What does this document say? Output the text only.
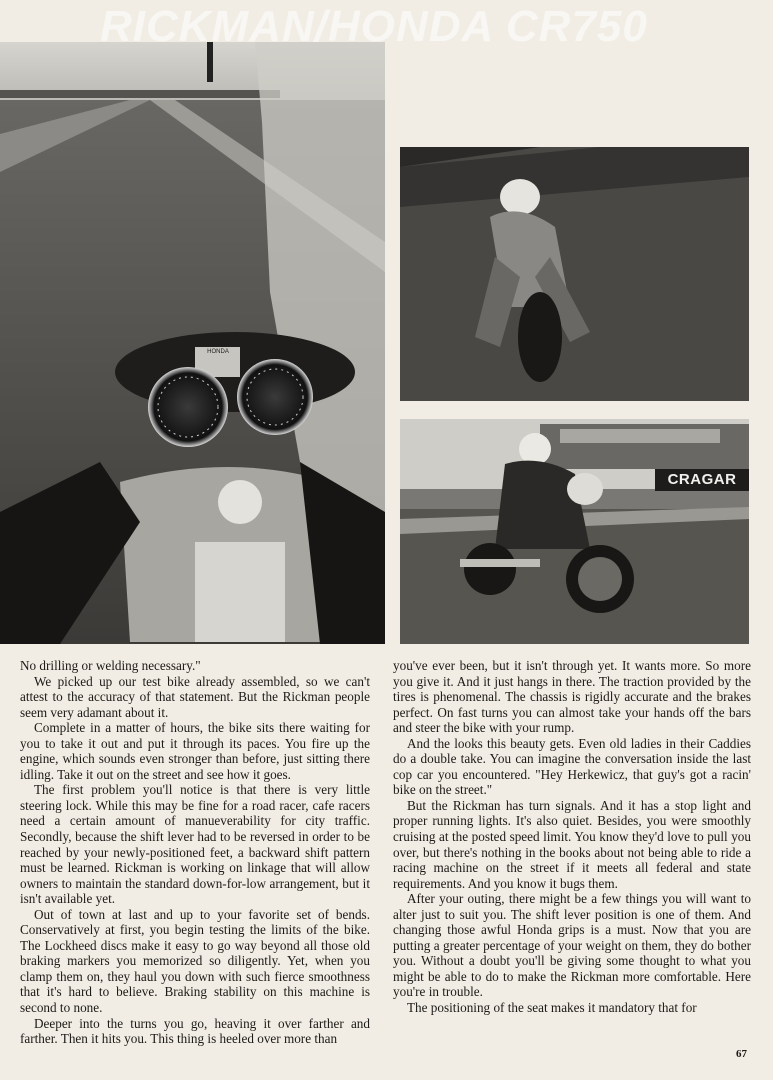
HONDA
RICKMAN/HONDA CR750
CRAGAR

No drilling or welding necessary."

We picked up our test bike already assembled, so we can't attest to the accuracy of that statement. But the Rickman people seem very adamant about it.

Complete in a matter of hours, the bike sits there waiting for you to take it out and put it through its paces. You fire up the engine, which sounds even stronger than before, just sitting there idling. Take it out on the street and see how it goes.

The first problem you'll notice is that there is very little steering lock. While this may be fine for a road racer, cafe racers need a certain amount of manueverability for city traffic. Secondly, because the shift lever had to be reversed in order to be reached by your newly-positioned feet, a backward shift pattern must be learned. Rickman is working on linkage that will allow owners to maintain the standard down-for-low arrangement, but it isn't available yet.

Out of town at last and up to your favorite set of bends. Conservatively at first, you begin testing the limits of the bike. The Lockheed discs make it easy to go way beyond all those old braking markers you memorized so diligently. Yet, when you clamp them on, they haul you down with such fierce smoothness that it's hard to believe. Braking stability on this machine is second to none.

Deeper into the turns you go, heaving it over farther and farther. Then it hits you. This thing is heeled over more than

you've ever been, but it isn't through yet. It wants more. So more you give it. And it just hangs in there. The traction provided by the tires is phenomenal. The chassis is rigidly accurate and the brakes perfect. On fast turns you can almost take your hands off the bars and steer the bike with your rump.

And the looks this beauty gets. Even old ladies in their Caddies do a double take. You can imagine the conversation inside the last cop car you encountered. "Hey Herkewicz, that guy's got a racin' bike on the street."

But the Rickman has turn signals. And it has a stop light and proper running lights. It's also quiet. Besides, you were smoothly cruising at the posted speed limit. You know they'd love to pull you over, but there's nothing in the books about not being able to ride a racing machine on the street if it meets all federal and state requirements. And you know it bugs them.

After your outing, there might be a few things you will want to alter just to suit you. The shift lever position is one of them. And changing those awful Honda grips is a must. Now that you are putting a greater percentage of your weight on them, they do bother you. Without a doubt you'll be giving some thought to what you might be able to do to make the Rickman more comfortable. Here you're in trouble.

The positioning of the seat makes it mandatory that for

67
